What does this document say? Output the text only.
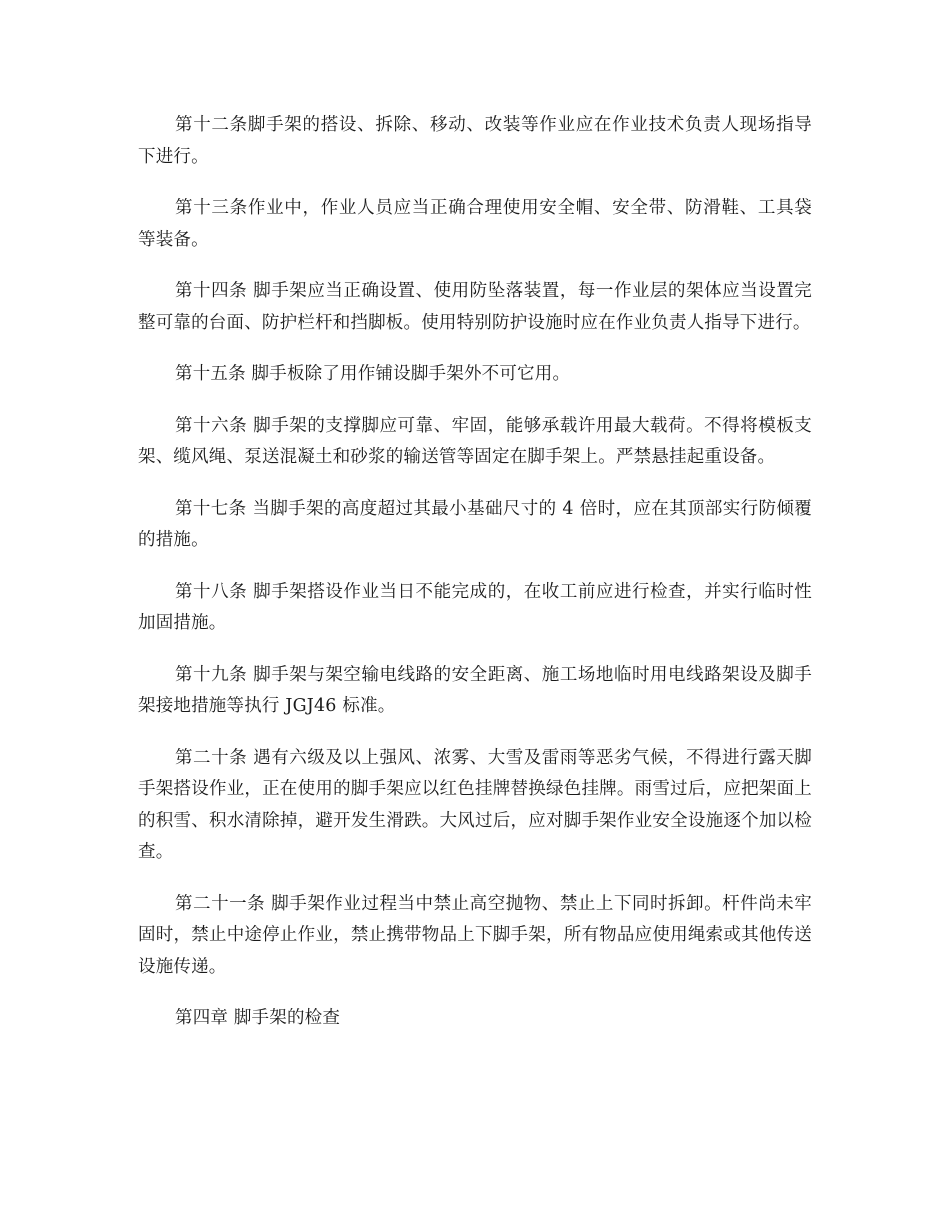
第十二条脚手架的搭设、拆除、移动、改装等作业应在作业技术负责人现场指导下进行。

第十三条作业中，作业人员应当正确合理使用安全帽、安全带、防滑鞋、工具袋等装备。

第十四条 脚手架应当正确设置、使用防坠落装置，每一作业层的架体应当设置完整可靠的台面、防护栏杆和挡脚板。使用特别防护设施时应在作业负责人指导下进行。

第十五条 脚手板除了用作铺设脚手架外不可它用。

第十六条 脚手架的支撑脚应可靠、牢固，能够承载许用最大载荷。不得将模板支架、缆风绳、泵送混凝土和砂浆的输送管等固定在脚手架上。严禁悬挂起重设备。

第十七条 当脚手架的高度超过其最小基础尺寸的 4 倍时，应在其顶部实行防倾覆的措施。

第十八条 脚手架搭设作业当日不能完成的，在收工前应进行检查，并实行临时性加固措施。

第十九条 脚手架与架空输电线路的安全距离、施工场地临时用电线路架设及脚手架接地措施等执行 JGJ46 标准。

第二十条 遇有六级及以上强风、浓雾、大雪及雷雨等恶劣气候，不得进行露天脚手架搭设作业，正在使用的脚手架应以红色挂牌替换绿色挂牌。雨雪过后，应把架面上的积雪、积水清除掉，避开发生滑跌。大风过后，应对脚手架作业安全设施逐个加以检查。

第二十一条 脚手架作业过程当中禁止高空抛物、禁止上下同时拆卸。杆件尚未牢固时，禁止中途停止作业，禁止携带物品上下脚手架，所有物品应使用绳索或其他传送设施传递。

第四章 脚手架的检查
